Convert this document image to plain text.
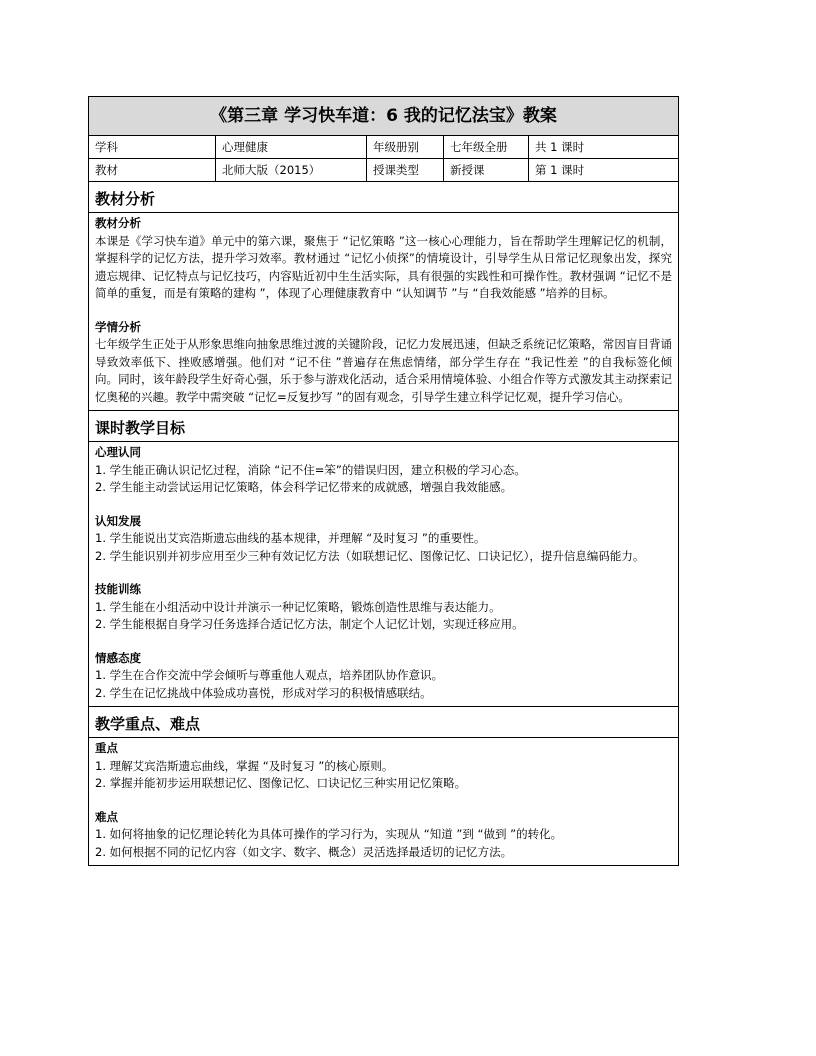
《第三章 学习快车道：6 我的记忆法宝》教案
学科	心理健康	年级册别	七年级全册	共 1 课时
教材	北师大版（2015）	授课类型	新授课	第 1 课时
教材分析
教材分析
本课是《学习快车道》单元中的第六课，聚焦于 “记忆策略 ”这一核心心理能力，旨在帮助学生理解记忆的机制，掌握科学的记忆方法，提升学习效率。教材通过 “记忆小侦探”的情境设计，引导学生从日常记忆现象出发，探究遗忘规律、记忆特点与记忆技巧，内容贴近初中生生活实际，具有很强的实践性和可操作性。教材强调 “记忆不是简单的重复，而是有策略的建构 ”，体现了心理健康教育中 “认知调节 ”与 “自我效能感 ”培养的目标。
学情分析
七年级学生正处于从形象思维向抽象思维过渡的关键阶段，记忆力发展迅速，但缺乏系统记忆策略，常因盲目背诵导致效率低下、挫败感增强。他们对 “记不住 ”普遍存在焦虑情绪，部分学生存在 “我记性差 ”的自我标签化倾向。同时，该年龄段学生好奇心强，乐于参与游戏化活动，适合采用情境体验、小组合作等方式激发其主动探索记忆奥秘的兴趣。教学中需突破 “记忆=反复抄写 ”的固有观念，引导学生建立科学记忆观，提升学习信心。
课时教学目标
心理认同
1. 学生能正确认识记忆过程，消除 “记不住=笨”的错误归因，建立积极的学习心态。
2. 学生能主动尝试运用记忆策略，体会科学记忆带来的成就感，增强自我效能感。
认知发展
1. 学生能说出艾宾浩斯遗忘曲线的基本规律，并理解 “及时复习 ”的重要性。
2. 学生能识别并初步应用至少三种有效记忆方法（如联想记忆、图像记忆、口诀记忆），提升信息编码能力。
技能训练
1. 学生能在小组活动中设计并演示一种记忆策略，锻炼创造性思维与表达能力。
2. 学生能根据自身学习任务选择合适记忆方法，制定个人记忆计划，实现迁移应用。
情感态度
1. 学生在合作交流中学会倾听与尊重他人观点，培养团队协作意识。
2. 学生在记忆挑战中体验成功喜悦，形成对学习的积极情感联结。
教学重点、难点
重点
1. 理解艾宾浩斯遗忘曲线，掌握 “及时复习 ”的核心原则。
2. 掌握并能初步运用联想记忆、图像记忆、口诀记忆三种实用记忆策略。
难点
1. 如何将抽象的记忆理论转化为具体可操作的学习行为，实现从 “知道 ”到 “做到 ”的转化。
2. 如何根据不同的记忆内容（如文字、数字、概念）灵活选择最适切的记忆方法。
